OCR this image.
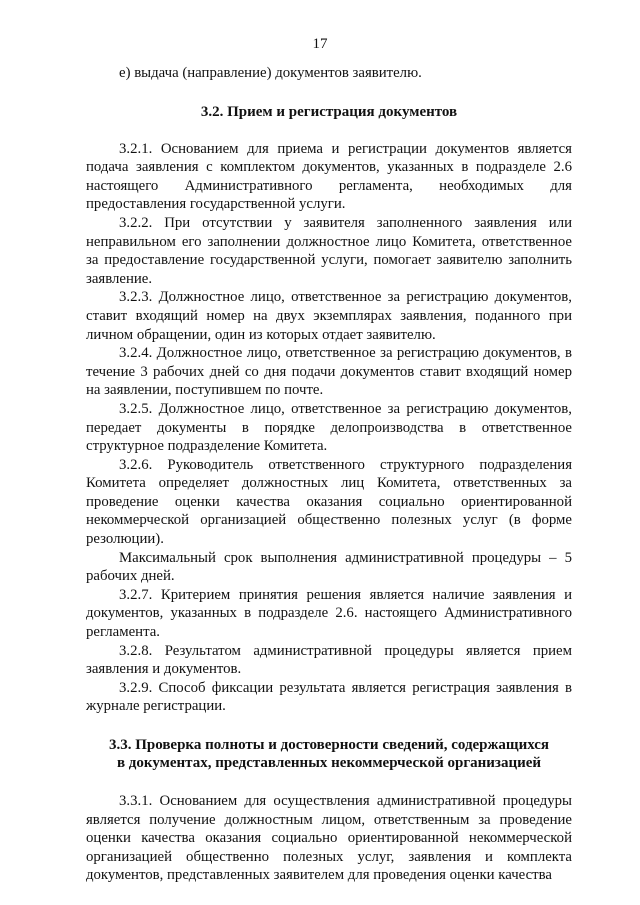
17

е) выдача (направление) документов заявителю.

3.2. Прием и регистрация документов

3.2.1. Основанием для приема и регистрации документов является подача заявления с комплектом документов, указанных в подразделе 2.6 настоящего Административного регламента, необходимых для предоставления государственной услуги.

3.2.2. При отсутствии у заявителя заполненного заявления или неправильном его заполнении должностное лицо Комитета, ответственное за предоставление государственной услуги, помогает заявителю заполнить заявление.

3.2.3. Должностное лицо, ответственное за регистрацию документов, ставит входящий номер на двух экземплярах заявления, поданного при личном обращении, один из которых отдает заявителю.

3.2.4. Должностное лицо, ответственное за регистрацию документов, в течение 3 рабочих дней со дня подачи документов ставит входящий номер на заявлении, поступившем по почте.

3.2.5. Должностное лицо, ответственное за регистрацию документов, передает документы в порядке делопроизводства в ответственное структурное подразделение Комитета.

3.2.6. Руководитель ответственного структурного подразделения Комитета определяет должностных лиц Комитета, ответственных за проведение оценки качества оказания социально ориентированной некоммерческой организацией общественно полезных услуг (в форме резолюции).

Максимальный срок выполнения административной процедуры – 5 рабочих дней.

3.2.7. Критерием принятия решения является наличие заявления и документов, указанных в подразделе 2.6. настоящего Административного регламента.

3.2.8. Результатом административной процедуры является прием заявления и документов.

3.2.9. Способ фиксации результата является регистрация заявления в журнале регистрации.

3.3. Проверка полноты и достоверности сведений, содержащихся
в документах, представленных некоммерческой организацией

3.3.1. Основанием для осуществления административной процедуры является получение должностным лицом, ответственным за проведение оценки качества оказания социально ориентированной некоммерческой организацией общественно полезных услуг, заявления и комплекта документов, представленных заявителем для проведения оценки качества
